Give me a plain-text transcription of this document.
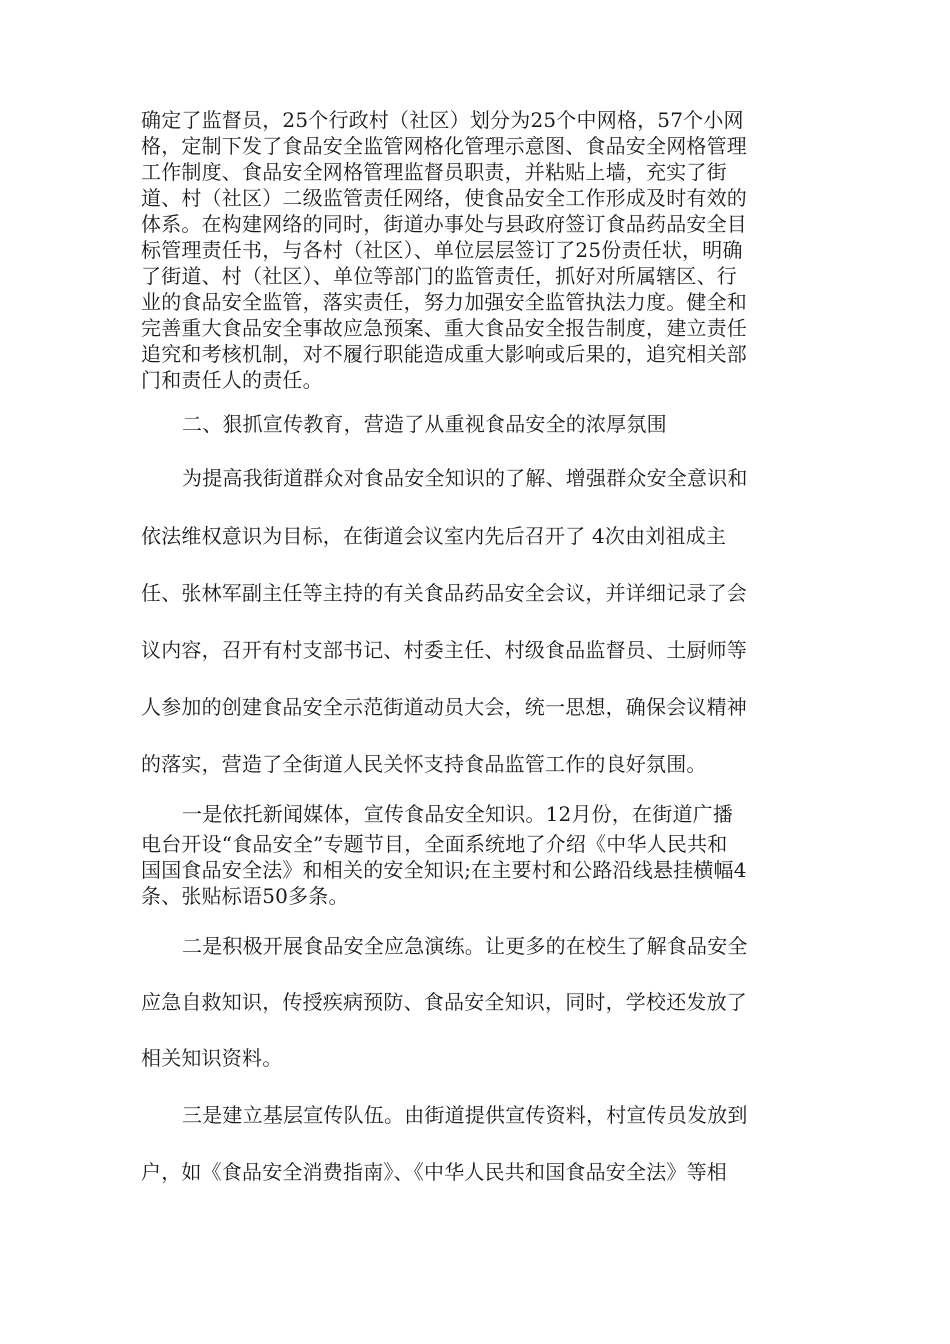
确定了监督员，25个行政村（社区）划分为25个中网格，57个小网
格，定制下发了食品安全监管网格化管理示意图、食品安全网格管理
工作制度、食品安全网格管理监督员职责，并粘贴上墙，充实了街
道、村（社区）二级监管责任网络，使食品安全工作形成及时有效的
体系。在构建网络的同时，街道办事处与县政府签订食品药品安全目
标管理责任书，与各村（社区）、单位层层签订了25份责任状，明确
了街道、村（社区）、单位等部门的监管责任，抓好对所属辖区、行
业的食品安全监管，落实责任，努力加强安全监管执法力度。健全和
完善重大食品安全事故应急预案、重大食品安全报告制度，建立责任
追究和考核机制，对不履行职能造成重大影响或后果的，追究相关部
门和责任人的责任。
二、狠抓宣传教育，营造了从重视食品安全的浓厚氛围
为提高我街道群众对食品安全知识的了解、增强群众安全意识和
依法维权意识为目标，在街道会议室内先后召开了 4次由刘祖成主
任、张林军副主任等主持的有关食品药品安全会议，并详细记录了会
议内容，召开有村支部书记、村委主任、村级食品监督员、土厨师等
人参加的创建食品安全示范街道动员大会，统一思想，确保会议精神
的落实，营造了全街道人民关怀支持食品监管工作的良好氛围。
一是依托新闻媒体，宣传食品安全知识。12月份，在街道广播
电台开设“食品安全”专题节目，全面系统地了介绍《中华人民共和
国国食品安全法》和相关的安全知识;在主要村和公路沿线悬挂横幅4
条、张贴标语50多条。
二是积极开展食品安全应急演练。让更多的在校生了解食品安全
应急自救知识，传授疾病预防、食品安全知识，同时，学校还发放了
相关知识资料。
三是建立基层宣传队伍。由街道提供宣传资料，村宣传员发放到
户，如《食品安全消费指南》、《中华人民共和国食品安全法》等相
